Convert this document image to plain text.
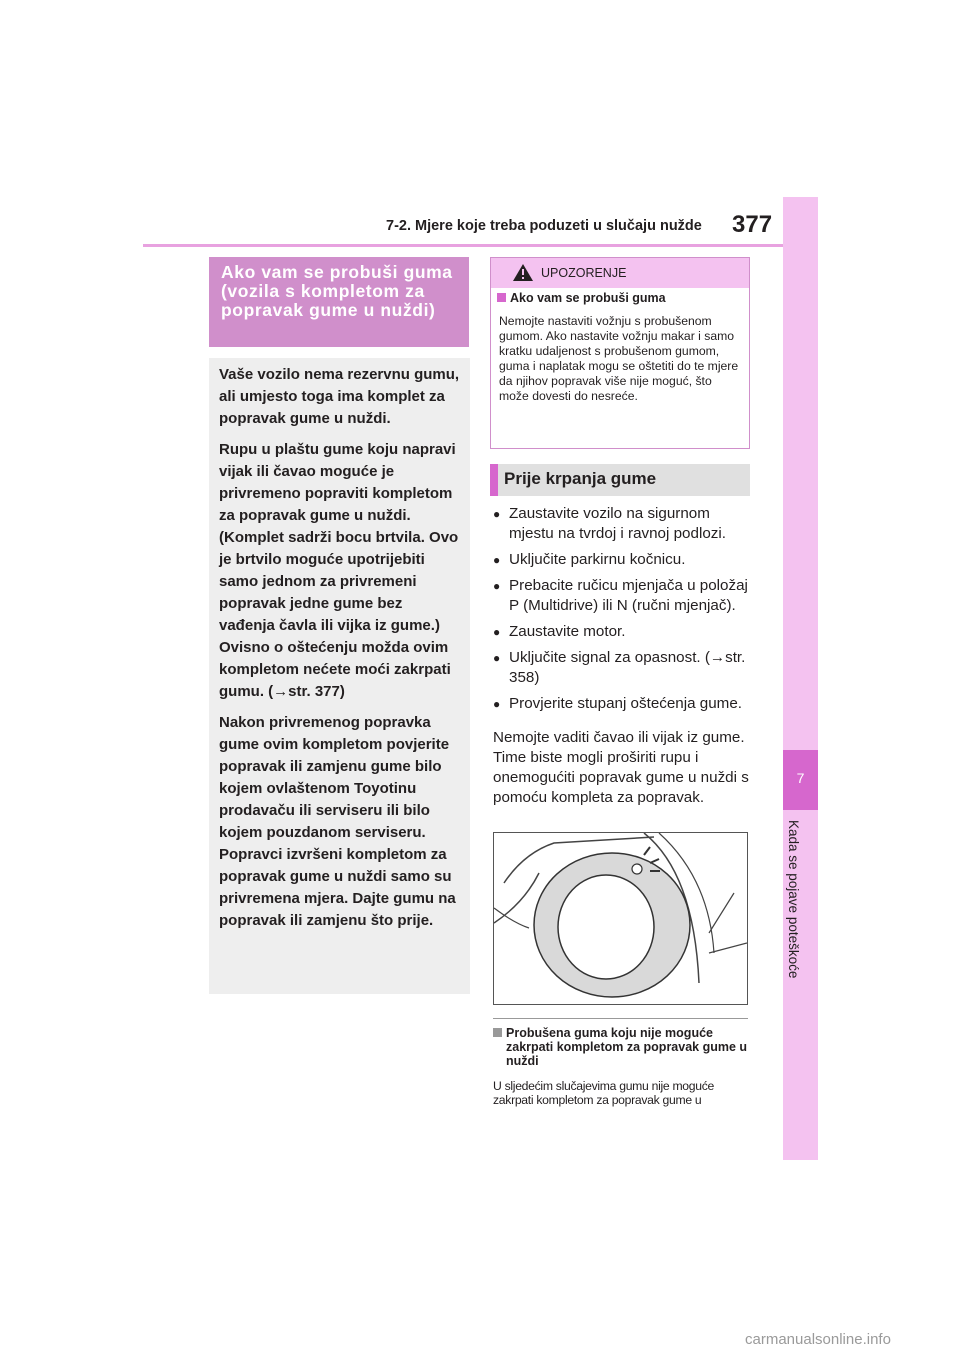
7-2. Mjere koje treba poduzeti u slučaju nužde 377
7
Kada se pojave poteškoće
Ako vam se probuši guma (vozila s kompletom za popravak gume u nuždi)

Vaše vozilo nema rezervnu gumu, ali umjesto toga ima komplet za popravak gume u nuždi.

Rupu u plaštu gume koju napravi vijak ili čavao moguće je privremeno popraviti kompletom za popravak gume u nuždi. (Komplet sadrži bocu brtvila. Ovo je brtvilo moguće upotrijebiti samo jednom za privremeni popravak jedne gume bez vađenja čavla ili vijka iz gume.) Ovisno o oštećenju možda ovim kompletom nećete moći zakrpati gumu. (→str. 377)

Nakon privremenog popravka gume ovim kompletom povjerite popravak ili zamjenu gume bilo kojem ovlaštenom Toyotinu prodavaču ili serviseru ili bilo kojem pouzdanom serviseru. Popravci izvršeni kompletom za popravak gume u nuždi samo su privremena mjera. Dajte gumu na popravak ili zamjenu što prije.

UPOZORENJE
Ako vam se probuši guma
Nemojte nastaviti vožnju s probušenom gumom. Ako nastavite vožnju makar i samo kratku udaljenost s probušenom gumom, guma i naplatak mogu se oštetiti do te mjere da njihov popravak više nije moguć, što može dovesti do nesreće.
Prije krpanja gume
● Zaustavite vozilo na sigurnom mjestu na tvrdoj i ravnoj podlozi.
● Uključite parkirnu kočnicu.
● Prebacite ručicu mjenjača u položaj P (Multidrive) ili N (ručni mjenjač).
● Zaustavite motor.
● Uključite signal za opasnost. (→str. 358)
● Provjerite stupanj oštećenja gume.

Nemojte vaditi čavao ili vijak iz gume. Time biste mogli proširiti rupu i onemogućiti popravak gume u nuždi s pomoću kompleta za popravak.

Probušena guma koju nije moguće
zakrpati kompletom za popravak gume u nuždi
U sljedećim slučajevima gumu nije moguće zakrpati kompletom za popravak gume u
carmanualsonline.info
